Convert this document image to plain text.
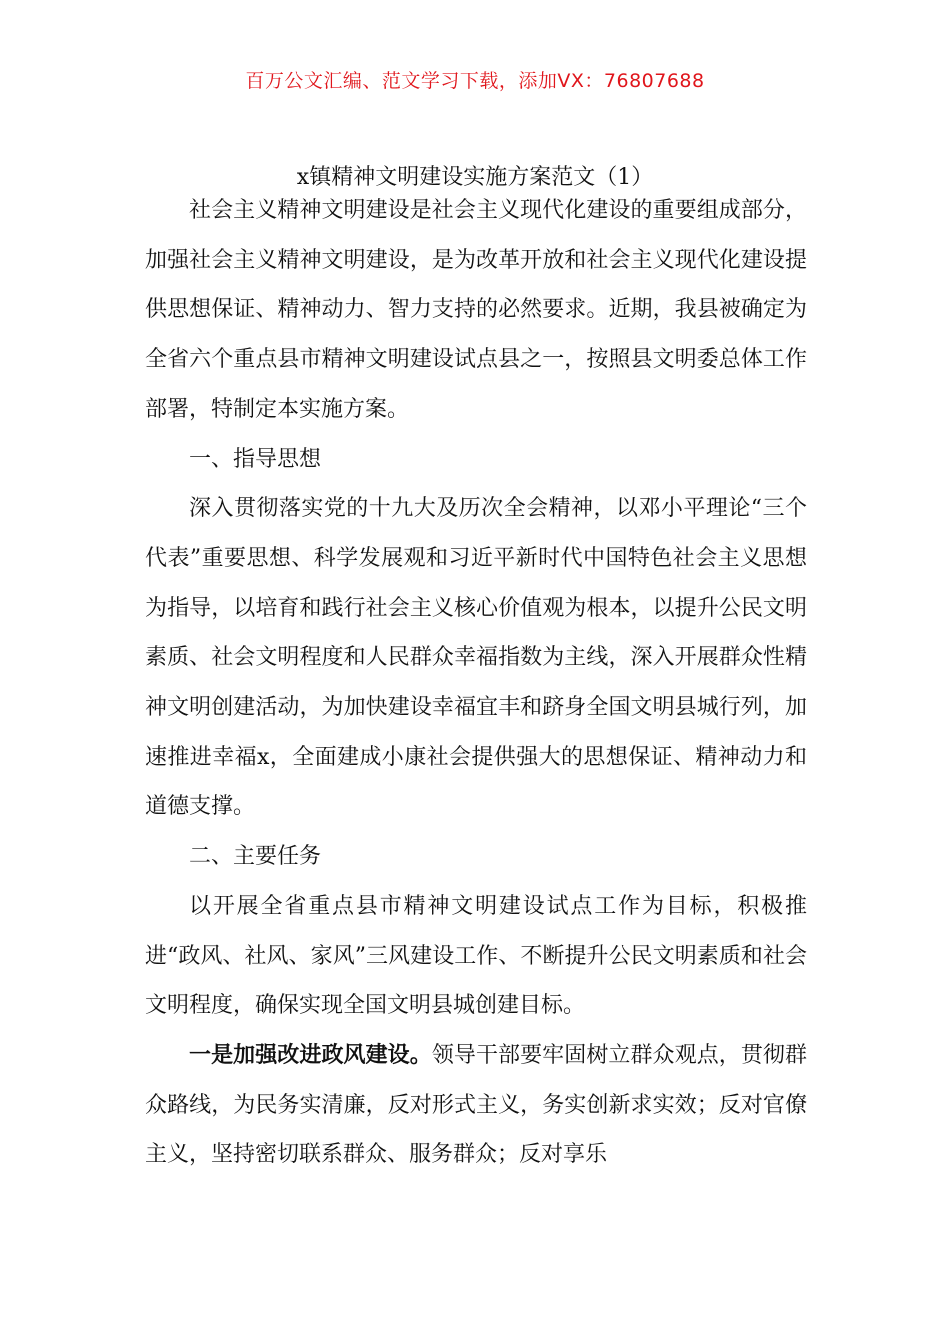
百万公文汇编、范文学习下载，添加VX：76807688
x镇精神文明建设实施方案范文（1）

社会主义精神文明建设是社会主义现代化建设的重要组成部分，加强社会主义精神文明建设，是为改革开放和社会主义现代化建设提供思想保证、精神动力、智力支持的必然要求。近期，我县被确定为全省六个重点县市精神文明建设试点县之一，按照县文明委总体工作部署，特制定本实施方案。

一、指导思想

深入贯彻落实党的十九大及历次全会精神，以邓小平理论“三个代表”重要思想、科学发展观和习近平新时代中国特色社会主义思想为指导，以培育和践行社会主义核心价值观为根本，以提升公民文明素质、社会文明程度和人民群众幸福指数为主线，深入开展群众性精神文明创建活动，为加快建设幸福宜丰和跻身全国文明县城行列，加速推进幸福x，全面建成小康社会提供强大的思想保证、精神动力和道德支撑。

二、主要任务

以开展全省重点县市精神文明建设试点工作为目标，积极推进“政风、社风、家风”三风建设工作、不断提升公民文明素质和社会文明程度，确保实现全国文明县城创建目标。

一是加强改进政风建设。领导干部要牢固树立群众观点，贯彻群众路线，为民务实清廉，反对形式主义，务实创新求实效；反对官僚主义，坚持密切联系群众、服务群众；反对享乐
